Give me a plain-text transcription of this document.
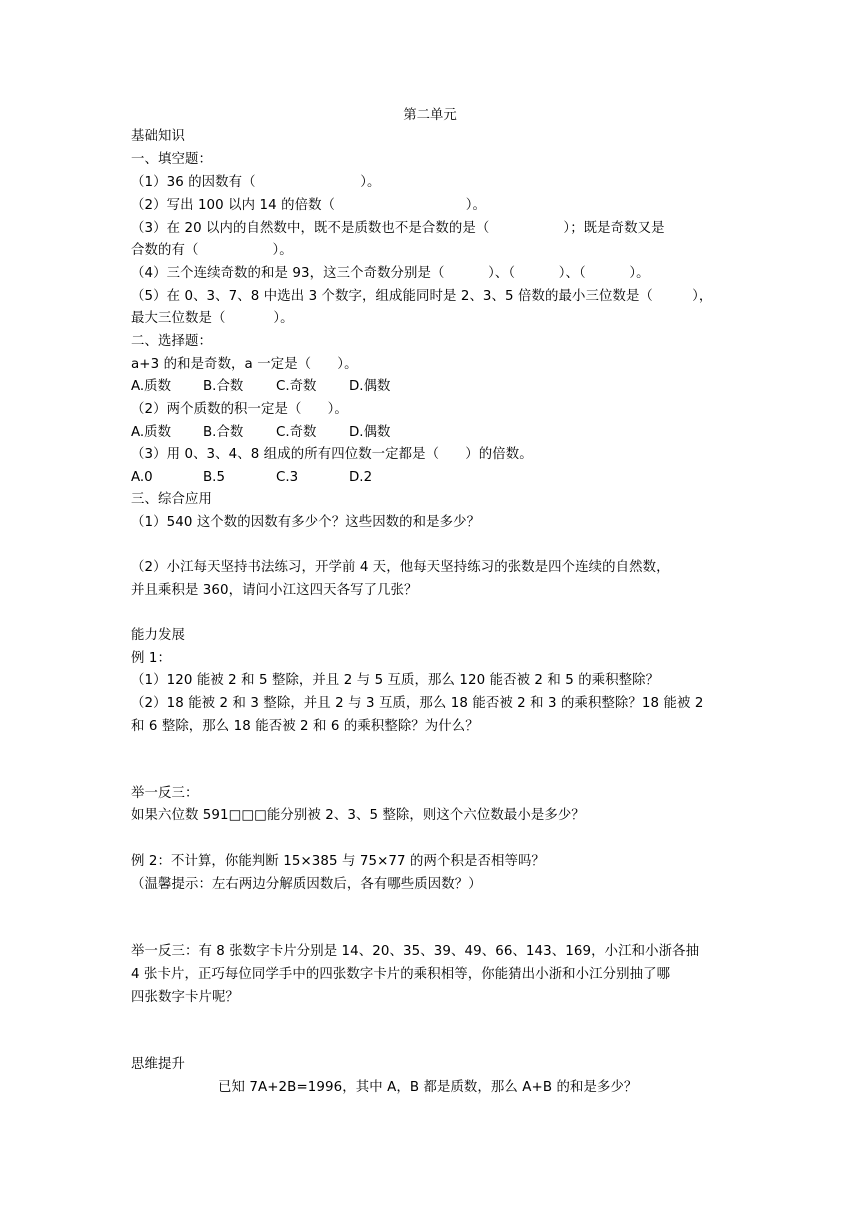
第二单元
基础知识
一、填空题：
（1）36 的因数有（                        ）。
（2）写出 100 以内 14 的倍数（                              ）。
（3）在 20 以内的自然数中，既不是质数也不是合数的是（                 ）；既是奇数又是
合数的有（                 ）。
（4）三个连续奇数的和是 93，这三个奇数分别是（          ）、（          ）、（          ）。
（5）在 0、3、7、8 中选出 3 个数字，组成能同时是 2、3、5 倍数的最小三位数是（         ），
最大三位数是（           ）。
二、选择题：
a+3 的和是奇数，a 一定是（      ）。
A.质数 B.合数 C.奇数 D.偶数
（2）两个质数的积一定是（      ）。
A.质数 B.合数 C.奇数 D.偶数
（3）用 0、3、4、8 组成的所有四位数一定都是（      ）的倍数。
A.0	B.5	C.3	D.2
三、综合应用
（1）540 这个数的因数有多少个？这些因数的和是多少？
（2）小江每天坚持书法练习，开学前 4 天，他每天坚持练习的张数是四个连续的自然数，
并且乘积是 360，请问小江这四天各写了几张？
能力发展
例 1：
（1）120 能被 2 和 5 整除，并且 2 与 5 互质，那么 120 能否被 2 和 5 的乘积整除？
（2）18 能被 2 和 3 整除，并且 2 与 3 互质，那么 18 能否被 2 和 3 的乘积整除？18 能被 2
和 6 整除，那么 18 能否被 2 和 6 的乘积整除？为什么？
举一反三：
如果六位数 591□□□能分别被 2、3、5 整除，则这个六位数最小是多少？
例 2：不计算，你能判断 15×385 与 75×77 的两个积是否相等吗？
（温馨提示：左右两边分解质因数后，各有哪些质因数？）
举一反三：有 8 张数字卡片分别是 14、20、35、39、49、66、143、169，小江和小浙各抽
4 张卡片，正巧每位同学手中的四张数字卡片的乘积相等，你能猜出小浙和小江分别抽了哪
四张数字卡片呢？
思维提升
已知 7A+2B=1996，其中 A，B 都是质数，那么 A+B 的和是多少？
